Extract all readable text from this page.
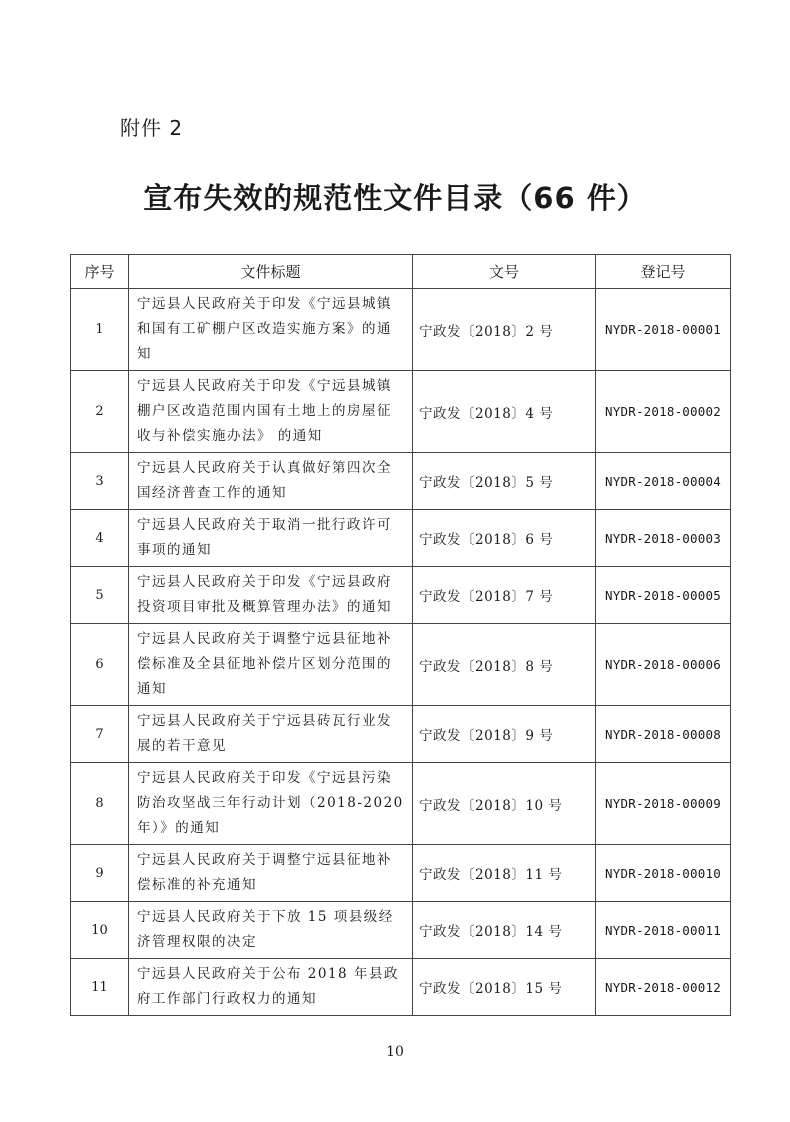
附件 2
宣布失效的规范性文件目录（66 件）
序号	文件标题	文号	登记号
1	宁远县人民政府关于印发《宁远县城镇和国有工矿棚户区改造实施方案》的通知	宁政发〔2018〕2 号	NYDR-2018-00001
2	宁远县人民政府关于印发《宁远县城镇棚户区改造范围内国有土地上的房屋征收与补偿实施办法》 的通知	宁政发〔2018〕4 号	NYDR-2018-00002
3	宁远县人民政府关于认真做好第四次全国经济普查工作的通知	宁政发〔2018〕5 号	NYDR-2018-00004
4	宁远县人民政府关于取消一批行政许可事项的通知	宁政发〔2018〕6 号	NYDR-2018-00003
5	宁远县人民政府关于印发《宁远县政府投资项目审批及概算管理办法》的通知	宁政发〔2018〕7 号	NYDR-2018-00005
6	宁远县人民政府关于调整宁远县征地补偿标准及全县征地补偿片区划分范围的通知	宁政发〔2018〕8 号	NYDR-2018-00006
7	宁远县人民政府关于宁远县砖瓦行业发展的若干意见	宁政发〔2018〕9 号	NYDR-2018-00008
8	宁远县人民政府关于印发《宁远县污染防治攻坚战三年行动计划（2018-2020 年）》的通知	宁政发〔2018〕10 号	NYDR-2018-00009
9	宁远县人民政府关于调整宁远县征地补偿标准的补充通知	宁政发〔2018〕11 号	NYDR-2018-00010
10	宁远县人民政府关于下放 15 项县级经济管理权限的决定	宁政发〔2018〕14 号	NYDR-2018-00011
11	宁远县人民政府关于公布 2018 年县政府工作部门行政权力的通知	宁政发〔2018〕15 号	NYDR-2018-00012
10
